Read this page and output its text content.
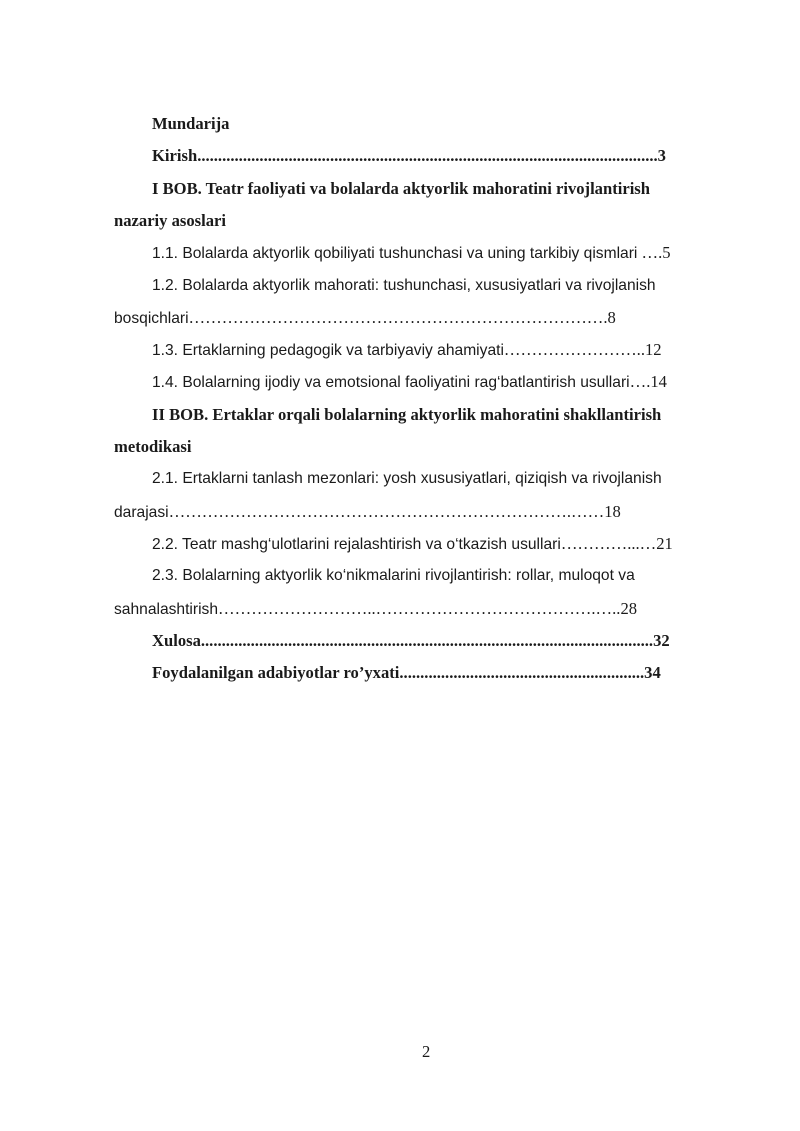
Mundarija
Kirish...............................................................................................................3
I BOB. Teatr faoliyati va bolalarda aktyorlik mahoratini rivojlantirish
nazariy asoslari
1.1. Bolalarda aktyorlik qobiliyati tushunchasi va uning tarkibiy qismlari ….5
1.2. Bolalarda aktyorlik mahorati: tushunchasi, xususiyatlari va rivojlanish
bosqichlari………………………………………………………………….8
1.3. Ertaklarning pedagogik va tarbiyaviy ahamiyati……………………..12
1.4. Bolalarning ijodiy va emotsional faoliyatini rag‘batlantirish usullari….14
II BOB. Ertaklar orqali bolalarning aktyorlik mahoratini shakllantirish
metodikasi
2.1. Ertaklarni tanlash mezonlari: yosh xususiyatlari, qiziqish va rivojlanish
darajasi……………………………………………………………….……18
2.2. Teatr mashg‘ulotlarini rejalashtirish va o‘tkazish usullari…………...…21
2.3. Bolalarning aktyorlik ko‘nikmalarini rivojlantirish: rollar, muloqot va
sahnalashtirish………………………..………………………………….…..28
Xulosa.............................................................................................................32
Foydalanilgan adabiyotlar ro’yxati...........................................................34
2
